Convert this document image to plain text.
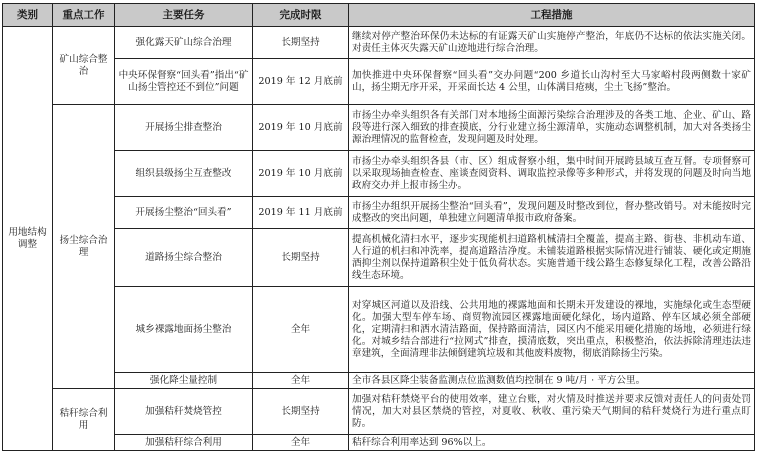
类别	重点工作	主要任务	完成时限	工程措施
用地结构调整	矿山综合整治	强化露天矿山综合治理	长期坚持	继续对停产整治环保仍未达标的有证露天矿山实施停产整治，年底仍不达标的依法实施关闭。对责任主体灭失露天矿山迹地进行综合治理。
		中央环保督察“回头看”指出“矿山扬尘管控还不到位”问题	2019 年 12 月底前	加快推进中央环保督察“回头看”交办问题“200 乡道长山沟村至大马家峪村段两侧数十家矿山，扬尘期无序开采，开采面长达 4 公里，山体满目疮痍，尘土飞扬”整治。
	扬尘综合治理	开展扬尘排查整治	2019 年 10 月底前	市扬尘办牵头组织各有关部门对本地扬尘面源污染综合治理涉及的各类工地、企业、矿山、路段等进行深入细致的排查摸底，分行业建立扬尘源清单，实施动态调整机制，加大对各类扬尘源治理情况的监督检查，发现问题及时处理。
		组织县级扬尘互查整改	2019 年 10 月底前	市扬尘办牵头组织各县（市、区）组成督察小组，集中时间开展跨县域互查互督。专项督察可以采取现场抽查检查、座谈查阅资料、调取监控录像等多种形式，并将发现的问题及时向当地政府交办并上报市扬尘办。
		开展扬尘整治“回头看”	2019 年 11 月底前	市扬尘办组织开展扬尘整治“回头看”，发现问题及时整改到位，督办整改销号。对未能按时完成整改的突出问题，单独建立问题清单报市政府备案。
		道路扬尘综合整治	长期坚持	提高机械化清扫水平，逐步实现能机扫道路机械清扫全覆盖，提高主路、街巷、非机动车道、人行道的机扫和冲洗率，提高道路洁净度。未铺装道路根据实际情况进行铺装、硬化或定期施酒抑尘剂以保持道路积尘处于低负荷状态。实施普通干线公路生态修复绿化工程，改善公路沿线生态环境。
		城乡裸露地面扬尘整治	全年	对穿城区河道以及沿线、公共用地的裸露地面和长期未开发建设的裸地，实施绿化或生态型硬化。加强大型车停车场、商贸物流园区裸露地面硬化绿化，场内道路、停车区域必须全部硬化，定期清扫和洒水清洁路面，保持路面清洁，园区内不能采用硬化措施的场地，必须进行绿化。对城乡结合部进行“拉网式”排查，摸清底数，突出重点，积极整治，依法拆除清理违法违章建筑，全面清理非法倾倒建筑垃圾和其他废料废物，彻底消除扬尘污染。
		强化降尘量控制	全年	全市各县区降尘装备监测点位监测数值均控制在 9 吨/月 · 平方公里。
	秸秆综合利用	加强秸秆焚烧管控	长期坚持	加强对秸秆禁烧平台的使用效率，建立台账，对火情及时推送并要求反馈对责任人的问责处罚情况，加大对县区禁烧的管控，对夏收、秋收、重污染天气期间的秸秆焚烧行为进行重点盯防。
		加强秸秆综合利用	全年	秸秆综合利用率达到 96%以上。
